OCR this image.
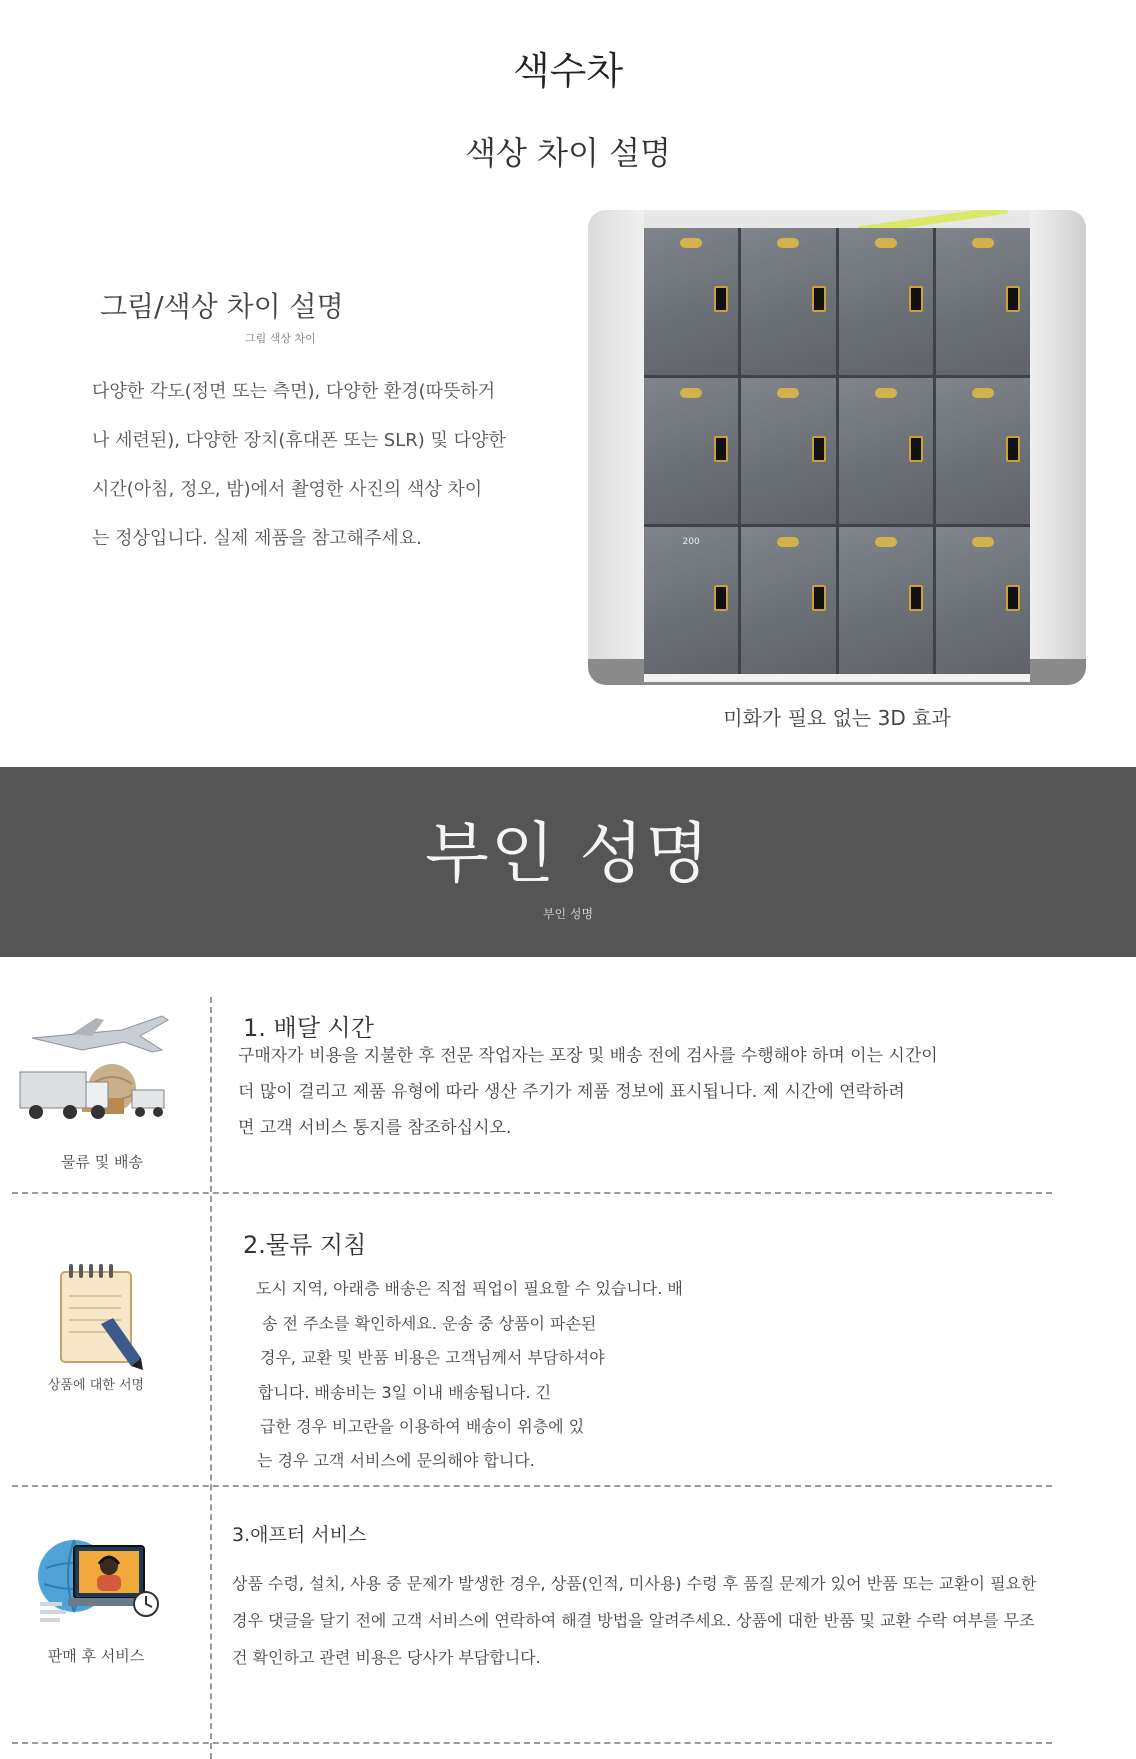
색수차
색상 차이 설명
그림/색상 차이 설명
그림 색상 차이
다양한 각도(정면 또는 측면), 다양한 환경(따뜻하거
나 세련된), 다양한 장치(휴대폰 또는 SLR) 및 다양한
시간(아침, 정오, 밤)에서 촬영한 사진의 색상 차이
는 정상입니다. 실제 제품을 참고해주세요.	200
미화가 필요 없는 3D 효과
부인 성명
부인 성명
물류 및 배송
1. 배달 시간
구매자가 비용을 지불한 후 전문 작업자는 포장 및 배송 전에 검사를 수행해야 하며 이는 시간이
더 많이 걸리고 제품 유형에 따라 생산 주기가 제품 정보에 표시됩니다. 제 시간에 연락하려
면 고객 서비스 통지를 참조하십시오.
상품에 대한 서명
2.물류 지침
도시 지역, 아래층 배송은 직접 픽업이 필요할 수 있습니다. 배
송 전 주소를 확인하세요. 운송 중 상품이 파손된
경우, 교환 및 반품 비용은 고객님께서 부담하셔야
합니다. 배송비는 3일 이내 배송됩니다. 긴
급한 경우 비고란을 이용하여 배송이 위층에 있
는 경우 고객 서비스에 문의해야 합니다.
판매 후 서비스
3.애프터 서비스
상품 수령, 설치, 사용 중 문제가 발생한 경우, 상품(인적, 미사용) 수령 후 품질 문제가 있어 반품 또는 교환이 필요한
경우 댓글을 달기 전에 고객 서비스에 연락하여 해결 방법을 알려주세요. 상품에 대한 반품 및 교환 수락 여부를 무조
건 확인하고 관련 비용은 당사가 부담합니다.
